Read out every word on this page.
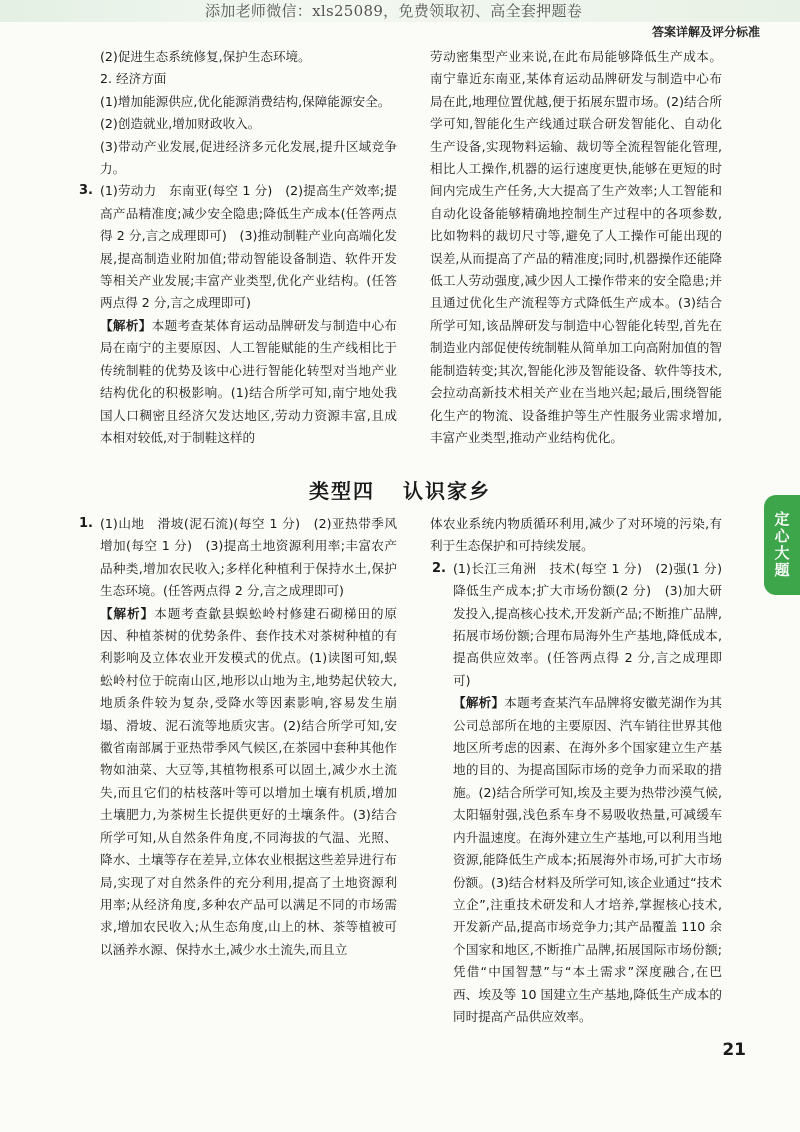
添加老师微信：xls25089，免费领取初、高全套押题卷
答案详解及评分标准

(2)促进生态系统修复,保护生态环境。

2. 经济方面

(1)增加能源供应,优化能源消费结构,保障能源安全。

(2)创造就业,增加财政收入。

(3)带动产业发展,促进经济多元化发展,提升区域竞争力。

3. (1)劳动力　东南亚(每空 1 分)　(2)提高生产效率;提高产品精准度;减少安全隐患;降低生产成本(任答两点得 2 分,言之成理即可)　(3)推动制鞋产业向高端化发展,提高制造业附加值;带动智能设备制造、软件开发等相关产业发展;丰富产业类型,优化产业结构。(任答两点得 2 分,言之成理即可)

【解析】本题考查某体育运动品牌研发与制造中心布局在南宁的主要原因、人工智能赋能的生产线相比于传统制鞋的优势及该中心进行智能化转型对当地产业结构优化的积极影响。(1)结合所学可知,南宁地处我国人口稠密且经济欠发达地区,劳动力资源丰富,且成本相对较低,对于制鞋这样的

劳动密集型产业来说,在此布局能够降低生产成本。南宁靠近东南亚,某体育运动品牌研发与制造中心布局在此,地理位置优越,便于拓展东盟市场。(2)结合所学可知,智能化生产线通过联合研发智能化、自动化生产设备,实现物料运输、裁切等全流程智能化管理,相比人工操作,机器的运行速度更快,能够在更短的时间内完成生产任务,大大提高了生产效率;人工智能和自动化设备能够精确地控制生产过程中的各项参数,比如物料的裁切尺寸等,避免了人工操作可能出现的误差,从而提高了产品的精准度;同时,机器操作还能降低工人劳动强度,减少因人工操作带来的安全隐患;并且通过优化生产流程等方式降低生产成本。(3)结合所学可知,该品牌研发与制造中心智能化转型,首先在制造业内部促使传统制鞋从简单加工向高附加值的智能制造转变;其次,智能化涉及智能设备、软件等技术,会拉动高新技术相关产业在当地兴起;最后,围绕智能化生产的物流、设备维护等生产性服务业需求增加,丰富产业类型,推动产业结构优化。

类型四 认识家乡
定心大题
1. (1)山地　滑坡(泥石流)(每空 1 分)　(2)亚热带季风　增加(每空 1 分)　(3)提高土地资源利用率;丰富农产品种类,增加农民收入;多样化种植利于保持水土,保护生态环境。(任答两点得 2 分,言之成理即可)

【解析】本题考查歙县蜈蚣岭村修建石砌梯田的原因、种植茶树的优势条件、套作技术对茶树种植的有利影响及立体农业开发模式的优点。(1)读图可知,蜈蚣岭村位于皖南山区,地形以山地为主,地势起伏较大,地质条件较为复杂,受降水等因素影响,容易发生崩塌、滑坡、泥石流等地质灾害。(2)结合所学可知,安徽省南部属于亚热带季风气候区,在茶园中套种其他作物如油菜、大豆等,其植物根系可以固土,减少水土流失,而且它们的枯枝落叶等可以增加土壤有机质,增加土壤肥力,为茶树生长提供更好的土壤条件。(3)结合所学可知,从自然条件角度,不同海拔的气温、光照、降水、土壤等存在差异,立体农业根据这些差异进行布局,实现了对自然条件的充分利用,提高了土地资源利用率;从经济角度,多种农产品可以满足不同的市场需求,增加农民收入;从生态角度,山上的林、茶等植被可以涵养水源、保持水土,减少水土流失,而且立

体农业系统内物质循环利用,减少了对环境的污染,有利于生态保护和可持续发展。

2. (1)长江三角洲　技术(每空 1 分)　(2)强(1 分)　降低生产成本;扩大市场份额(2 分)　(3)加大研发投入,提高核心技术,开发新产品;不断推广品牌,拓展市场份额;合理布局海外生产基地,降低成本,提高供应效率。(任答两点得 2 分,言之成理即可)

【解析】本题考查某汽车品牌将安徽芜湖作为其公司总部所在地的主要原因、汽车销往世界其他地区所考虑的因素、在海外多个国家建立生产基地的目的、为提高国际市场的竞争力而采取的措施。(2)结合所学可知,埃及主要为热带沙漠气候,太阳辐射强,浅色系车身不易吸收热量,可减缓车内升温速度。在海外建立生产基地,可以利用当地资源,能降低生产成本;拓展海外市场,可扩大市场份额。(3)结合材料及所学可知,该企业通过“技术立企”,注重技术研发和人才培养,掌握核心技术,开发新产品,提高市场竞争力;其产品覆盖 110 余个国家和地区,不断推广品牌,拓展国际市场份额;凭借“中国智慧”与“本土需求”深度融合,在巴西、埃及等 10 国建立生产基地,降低生产成本的同时提高产品供应效率。

21
